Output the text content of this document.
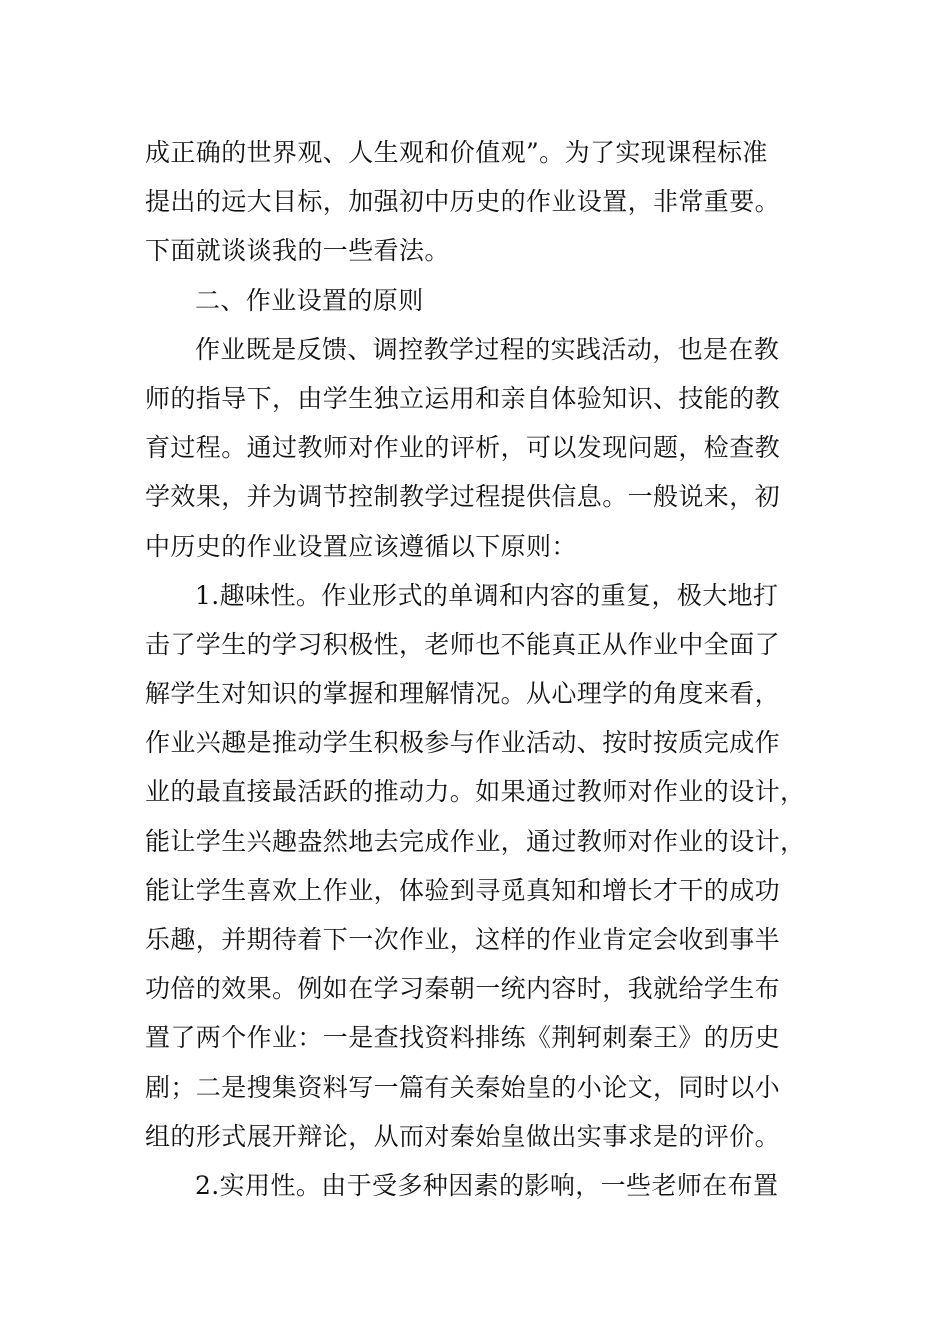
成正确的世界观、人生观和价值观”。为了实现课程标准
提出的远大目标，加强初中历史的作业设置，非常重要。
下面就谈谈我的一些看法。
二、作业设置的原则
作业既是反馈、调控教学过程的实践活动，也是在教
师的指导下，由学生独立运用和亲自体验知识、技能的教
育过程。通过教师对作业的评析，可以发现问题，检查教
学效果，并为调节控制教学过程提供信息。一般说来，初
中历史的作业设置应该遵循以下原则：
1.趣味性。作业形式的单调和内容的重复，极大地打
击了学生的学习积极性，老师也不能真正从作业中全面了
解学生对知识的掌握和理解情况。从心理学的角度来看，
作业兴趣是推动学生积极参与作业活动、按时按质完成作
业的最直接最活跃的推动力。如果通过教师对作业的设计，
能让学生兴趣盎然地去完成作业，通过教师对作业的设计，
能让学生喜欢上作业，体验到寻觅真知和增长才干的成功
乐趣，并期待着下一次作业，这样的作业肯定会收到事半
功倍的效果。例如在学习秦朝一统内容时，我就给学生布
置了两个作业：一是查找资料排练《荆轲刺秦王》的历史
剧；二是搜集资料写一篇有关秦始皇的小论文，同时以小
组的形式展开辩论，从而对秦始皇做出实事求是的评价。
2.实用性。由于受多种因素的影响，一些老师在布置
